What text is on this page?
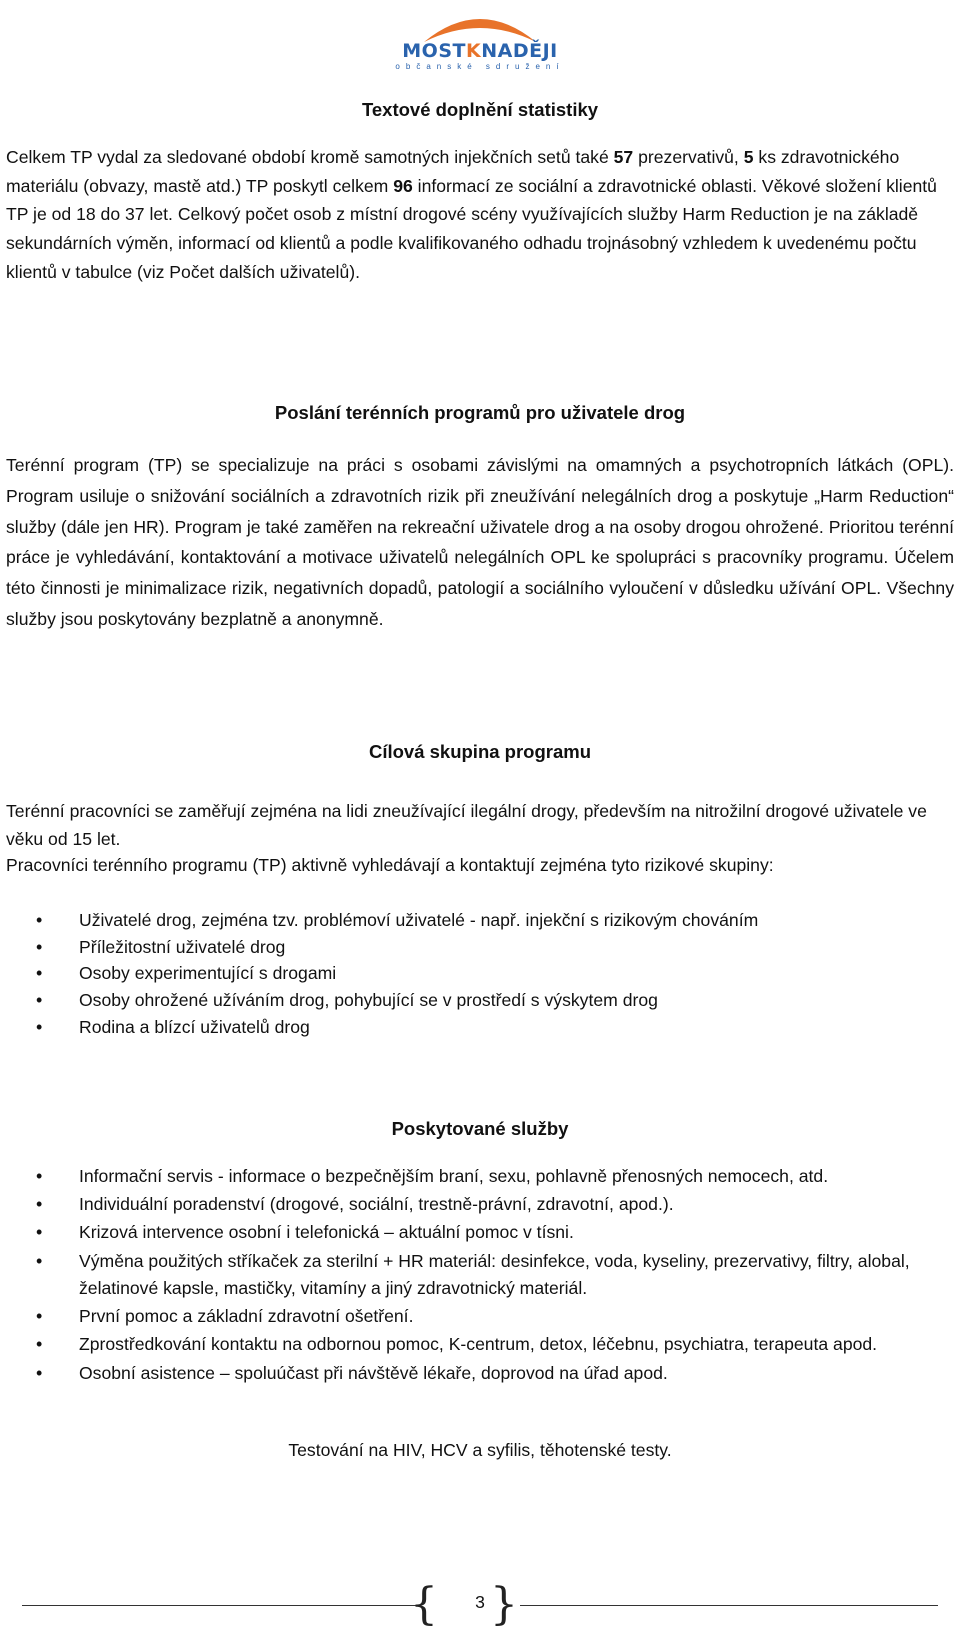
MOSTKNADĚJI
občanské sdružení
Textové doplnění statistiky

Celkem TP vydal za sledované období kromě samotných injekčních setů také 57 prezervativů, 5 ks zdravotnického materiálu (obvazy, mastě atd.) TP poskytl celkem 96 informací ze sociální a zdravotnické oblasti. Věkové složení klientů TP je od 18 do 37 let. Celkový počet osob z místní drogové scény využívajících služby Harm Reduction je na základě sekundárních výměn, informací od klientů a podle kvalifikovaného odhadu trojnásobný vzhledem k uvedenému počtu klientů v tabulce (viz Počet dalších uživatelů).

Poslání terénních programů pro uživatele drog

Terénní program (TP) se specializuje na práci s osobami závislými na omamných a psychotropních látkách (OPL). Program usiluje o snižování sociálních a zdravotních rizik při zneužívání nelegálních drog a poskytuje „Harm Reduction“ služby (dále jen HR). Program je také zaměřen na rekreační uživatele drog a na osoby drogou ohrožené. Prioritou terénní práce je vyhledávání, kontaktování a motivace uživatelů nelegálních OPL ke spolupráci s pracovníky programu. Účelem této činnosti je minimalizace rizik, negativních dopadů, patologií a sociálního vyloučení v důsledku užívání OPL. Všechny služby jsou poskytovány bezplatně a anonymně.

Cílová skupina programu

Terénní pracovníci se zaměřují zejména na lidi zneužívající ilegální drogy, především na nitrožilní drogové uživatele ve věku od 15 let.

Pracovníci terénního programu (TP) aktivně vyhledávají a kontaktují zejména tyto rizikové skupiny:

• Uživatelé drog, zejména tzv. problémoví uživatelé - např. injekční s rizikovým chováním
• Příležitostní uživatelé drog
• Osoby experimentující s drogami
• Osoby ohrožené užíváním drog, pohybující se v prostředí s výskytem drog
• Rodina a blízcí uživatelů drog
Poskytované služby
• Informační servis - informace o bezpečnějším braní, sexu, pohlavně přenosných nemocech, atd.
• Individuální poradenství (drogové, sociální, trestně-právní, zdravotní, apod.).
• Krizová intervence osobní i telefonická – aktuální pomoc v tísni.
• Výměna použitých stříkaček za sterilní + HR materiál: desinfekce, voda, kyseliny, prezervativy, filtry, alobal, želatinové kapsle, mastičky, vitamíny a jiný zdravotnický materiál.
• První pomoc a základní zdravotní ošetření.
• Zprostředkování kontaktu na odbornou pomoc, K-centrum, detox, léčebnu, psychiatra, terapeuta apod.
• Osobní asistence – spoluúčast při návštěvě lékaře, doprovod na úřad apod.
Testování na HIV, HCV a syfilis, těhotenské testy.
{ }
3
